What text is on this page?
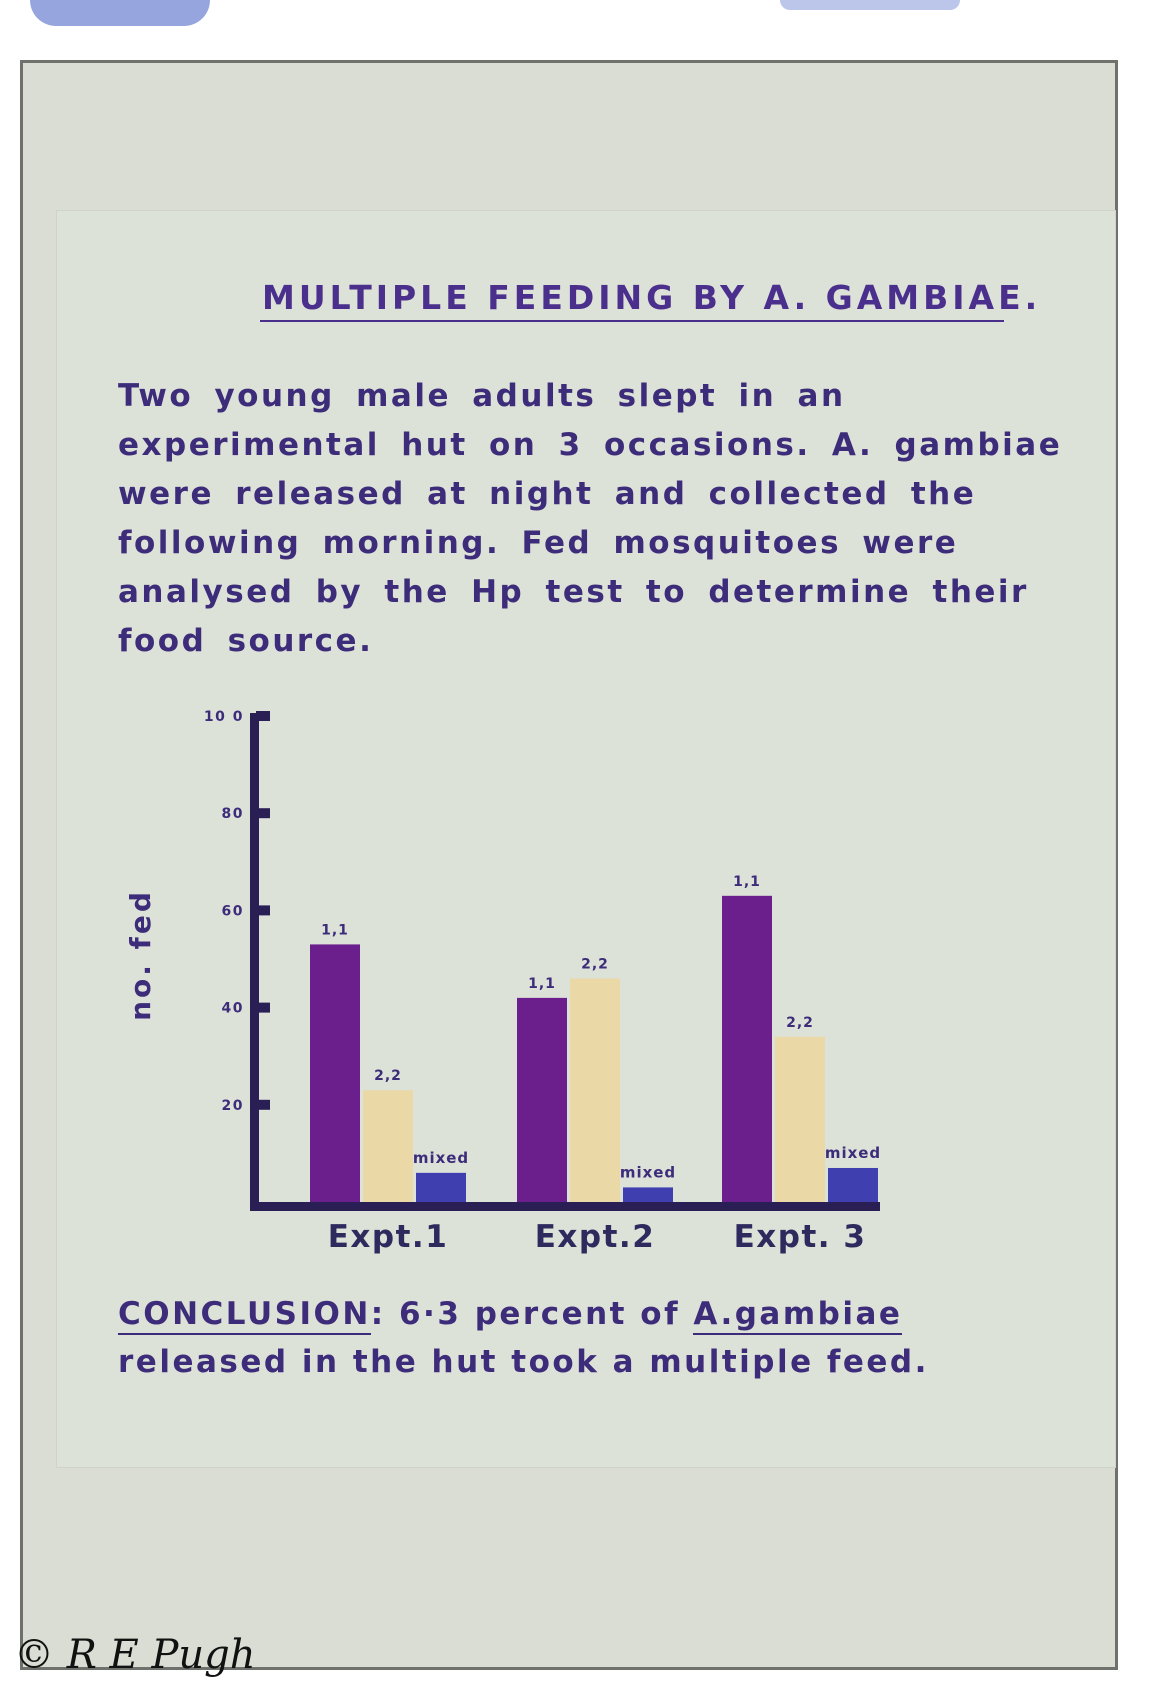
MULTIPLE FEEDING BY A. GAMBIAE.
Two young male adults slept in an experimental hut on 3 occasions. A. gambiae were released at night and collected the following morning. Fed mosquitoes were analysed by the Hp test to determine their food source.
no. fed	1,1
2,2
mixed
1,1
2,2
mixed
1,1
2,2
mixed
20
40
60
80
10 0
Expt.1	Expt.2	Expt. 3
CONCLUSION: 6·3 percent of A.gambiae released in the hut took a multiple feed.
© R E Pugh
